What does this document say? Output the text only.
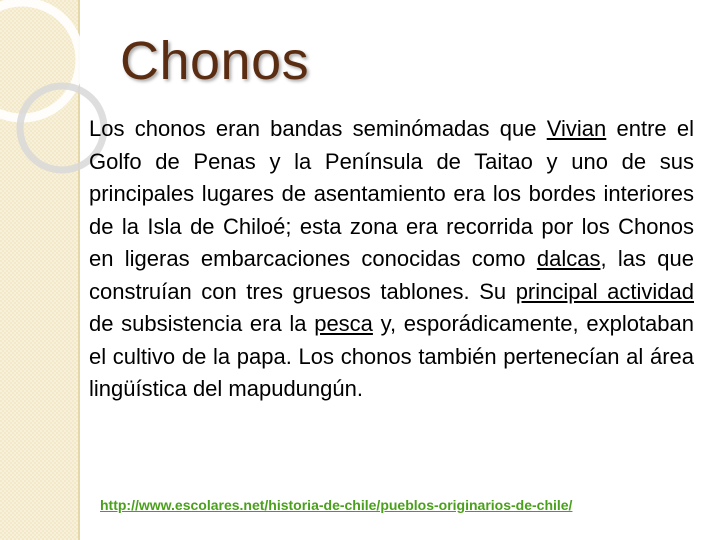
Chonos

Los chonos eran bandas seminómadas que Vivian entre el Golfo de Penas y la Península de Taitao y uno de sus principales lugares de asentamiento era los bordes interiores de la Isla de Chiloé; esta zona era recorrida por los Chonos en ligeras embarcaciones conocidas como dalcas, las que construían con tres gruesos tablones. Su principal actividad de subsistencia era la pesca y, esporádicamente, explotaban el cultivo de la papa. Los chonos también pertenecían al área lingüística del mapudungún.

http://www.escolares.net/historia-de-chile/pueblos-originarios-de-chile/
